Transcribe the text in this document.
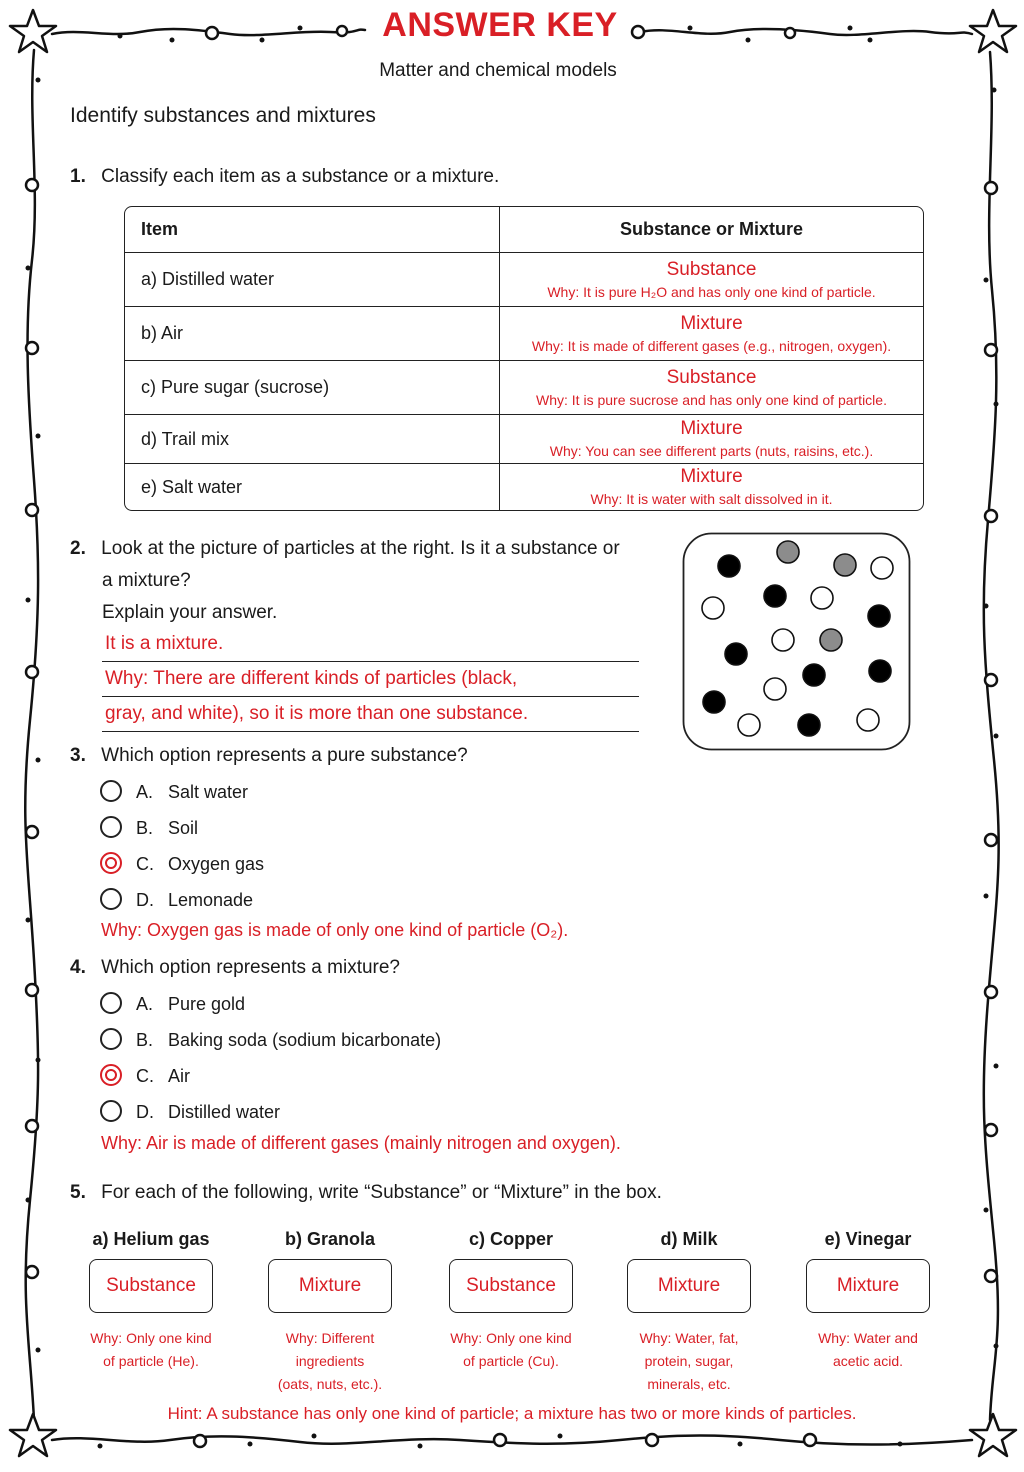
ANSWER KEY
Matter and chemical models
Identify substances and mixtures
1. Classify each item as a substance or a mixture.
Item	Substance or Mixture
a) Distilled water	Substance
Why: It is pure H₂O and has only one kind of particle.

b) Air	Mixture
Why: It is made of different gases (e.g., nitrogen, oxygen).

c) Pure sugar (sucrose)	Substance
Why: It is pure sucrose and has only one kind of particle.

d) Trail mix	Mixture
Why: You can see different parts (nuts, raisins, etc.).

e) Salt water	Mixture
Why: It is water with salt dissolved in it.
2. Look at the picture of particles at the right. Is it a substance or
a mixture?
Explain your answer.
It is a mixture.
Why: There are different kinds of particles (black,
gray, and white), so it is more than one substance.
3. Which option represents a pure substance?
A. Salt water
B. Soil
C. Oxygen gas
D. Lemonade
Why: Oxygen gas is made of only one kind of particle (O₂).
4. Which option represents a mixture?
A. Pure gold
B. Baking soda (sodium bicarbonate)
C. Air
D. Distilled water
Why: Air is made of different gases (mainly nitrogen and oxygen).
5. For each of the following, write “Substance” or “Mixture” in the box.
a) Helium gas
Substance
Why: Only one kind
of particle (He).
b) Granola
Mixture
Why: Different
ingredients
(oats, nuts, etc.).
c) Copper
Substance
Why: Only one kind
of particle (Cu).
d) Milk
Mixture
Why: Water, fat,
protein, sugar,
minerals, etc.
e) Vinegar
Mixture
Why: Water and
acetic acid.
Hint: A substance has only one kind of particle; a mixture has two or more kinds of particles.
